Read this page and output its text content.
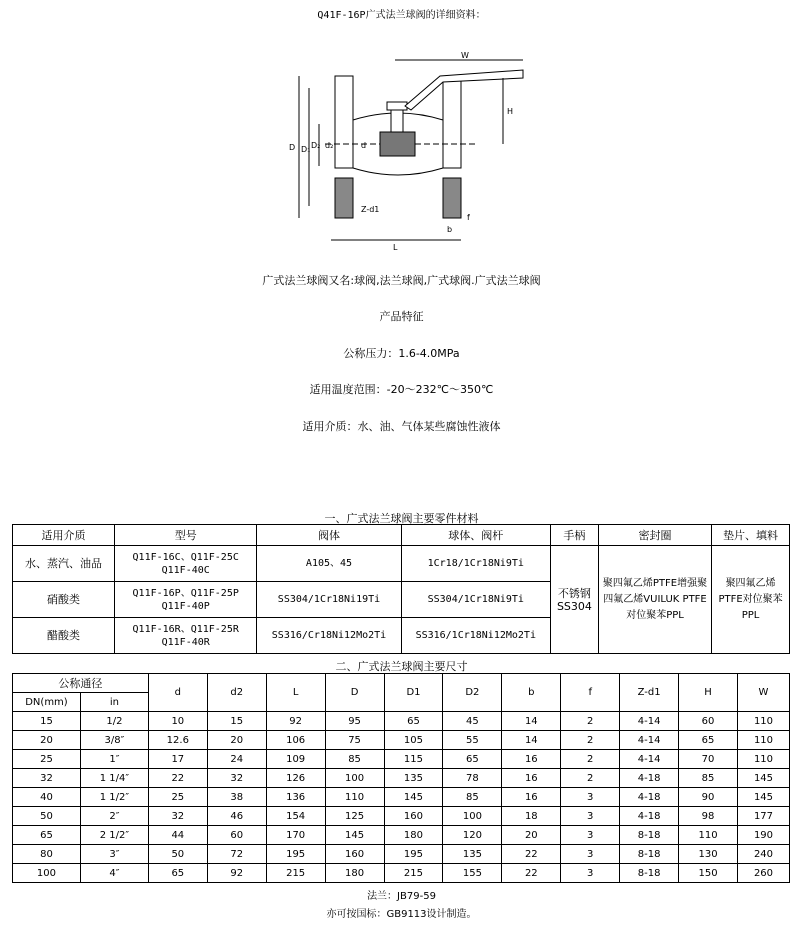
Q41F-16P广式法兰球阀的详细资料：
W
H
D D₁ D₂	d
d₂
Z-d1
L
b
f
广式法兰球阀又名:球阀,法兰球阀,广式球阀.广式法兰球阀
产品特征
公称压力：1.6-4.0MPa
适用温度范围：-20～232℃～350℃
适用介质：水、油、气体某些腐蚀性液体
一、广式法兰球阀主要零件材料
适用介质	型号	阀体	球体、阀杆	手柄	密封圈	垫片、填料
水、蒸汽、油品	Q11F-16C、Q11F-25C Q11F-40C	A105、45	1Cr18/1Cr18Ni9Ti	不锈钢SS304	聚四氟乙烯PTFE增强聚四氟乙烯VUILUK PTFE对位聚苯PPL	聚四氟乙烯PTFE对位聚苯PPL
硝酸类	Q11F-16P、Q11F-25P Q11F-40P	SS304/1Cr18Ni19Ti	SS304/1Cr18Ni9Ti			
醋酸类	Q11F-16R、Q11F-25R Q11F-40R	SS316/Cr18Ni12Mo2Ti	SS316/1Cr18Ni12Mo2Ti			
二、广式法兰球阀主要尺寸
公称通径		d	d2	L	D	D1	D2	b	f	Z-d1	H	W
DN(mm)	in											
15	1/2	10	15	92	95	65	45	14	2	4-14	60	110
20	3/8″	12.6	20	106	75	105	55	14	2	4-14	65	110
25	1″	17	24	109	85	115	65	16	2	4-14	70	110
32	1 1/4″	22	32	126	100	135	78	16	2	4-18	85	145
40	1 1/2″	25	38	136	110	145	85	16	3	4-18	90	145
50	2″	32	46	154	125	160	100	18	3	4-18	98	177
65	2 1/2″	44	60	170	145	180	120	20	3	8-18	110	190
80	3″	50	72	195	160	195	135	22	3	8-18	130	240
100	4″	65	92	215	180	215	155	22	3	8-18	150	260
法兰：JB79-59
亦可按国标：GB9113设计制造。
